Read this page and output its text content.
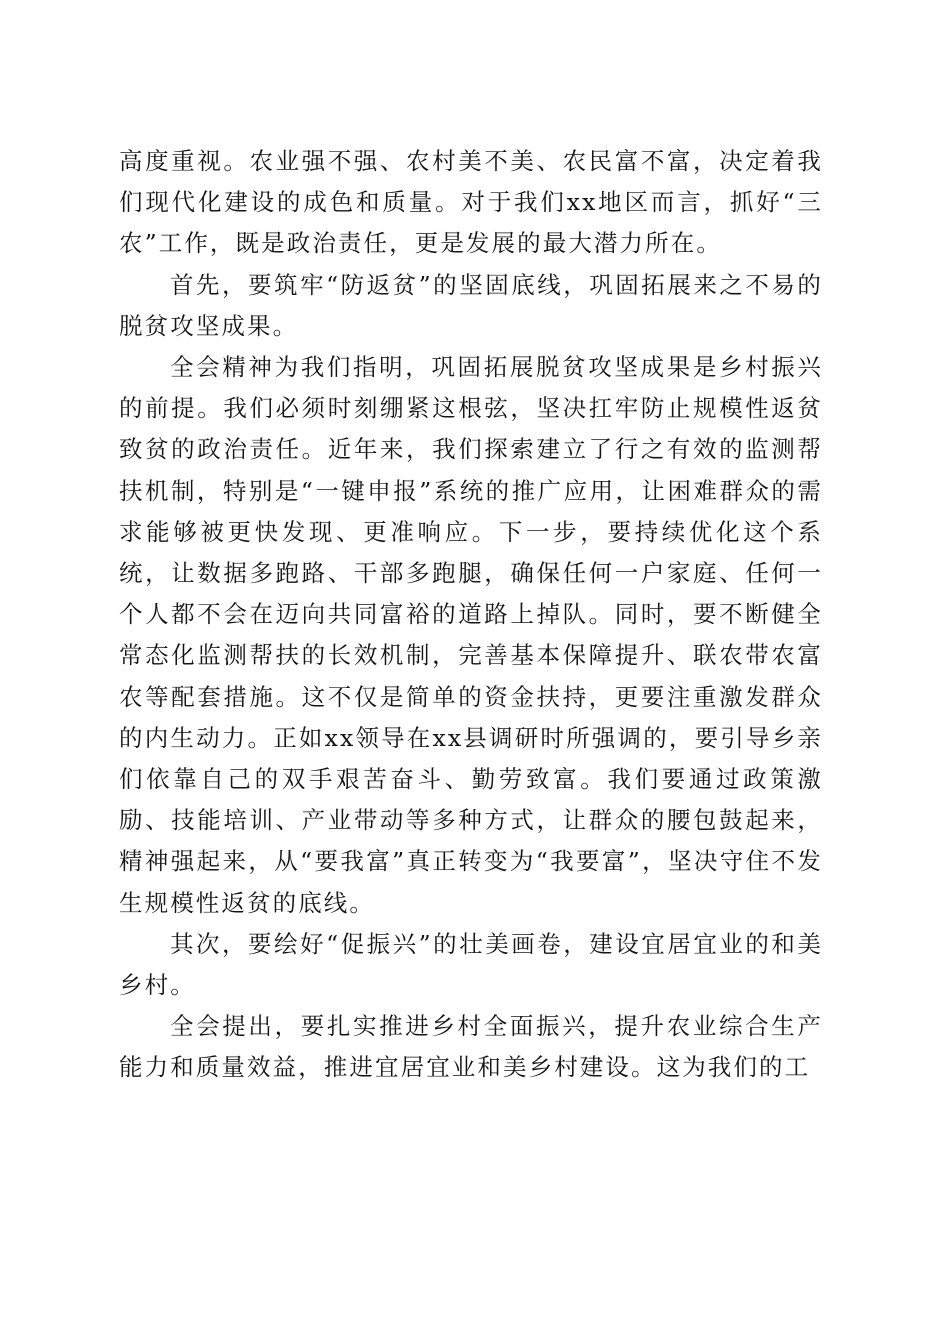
高度重视。农业强不强、农村美不美、农民富不富，决定着我们现代化建设的成色和质量。对于我们xx地区而言，抓好“三农”工作，既是政治责任，更是发展的最大潜力所在。

首先，要筑牢“防返贫”的坚固底线，巩固拓展来之不易的脱贫攻坚成果。

全会精神为我们指明，巩固拓展脱贫攻坚成果是乡村振兴的前提。我们必须时刻绷紧这根弦，坚决扛牢防止规模性返贫致贫的政治责任。近年来，我们探索建立了行之有效的监测帮扶机制，特别是“一键申报”系统的推广应用，让困难群众的需求能够被更快发现、更准响应。下一步，要持续优化这个系统，让数据多跑路、干部多跑腿，确保任何一户家庭、任何一个人都不会在迈向共同富裕的道路上掉队。同时，要不断健全常态化监测帮扶的长效机制，完善基本保障提升、联农带农富农等配套措施。这不仅是简单的资金扶持，更要注重激发群众的内生动力。正如xx领导在xx县调研时所强调的，要引导乡亲们依靠自己的双手艰苦奋斗、勤劳致富。我们要通过政策激励、技能培训、产业带动等多种方式，让群众的腰包鼓起来，精神强起来，从“要我富”真正转变为“我要富”，坚决守住不发生规模性返贫的底线。

其次，要绘好“促振兴”的壮美画卷，建设宜居宜业的和美乡村。

全会提出，要扎实推进乡村全面振兴，提升农业综合生产能力和质量效益，推进宜居宜业和美乡村建设。这为我们的工
